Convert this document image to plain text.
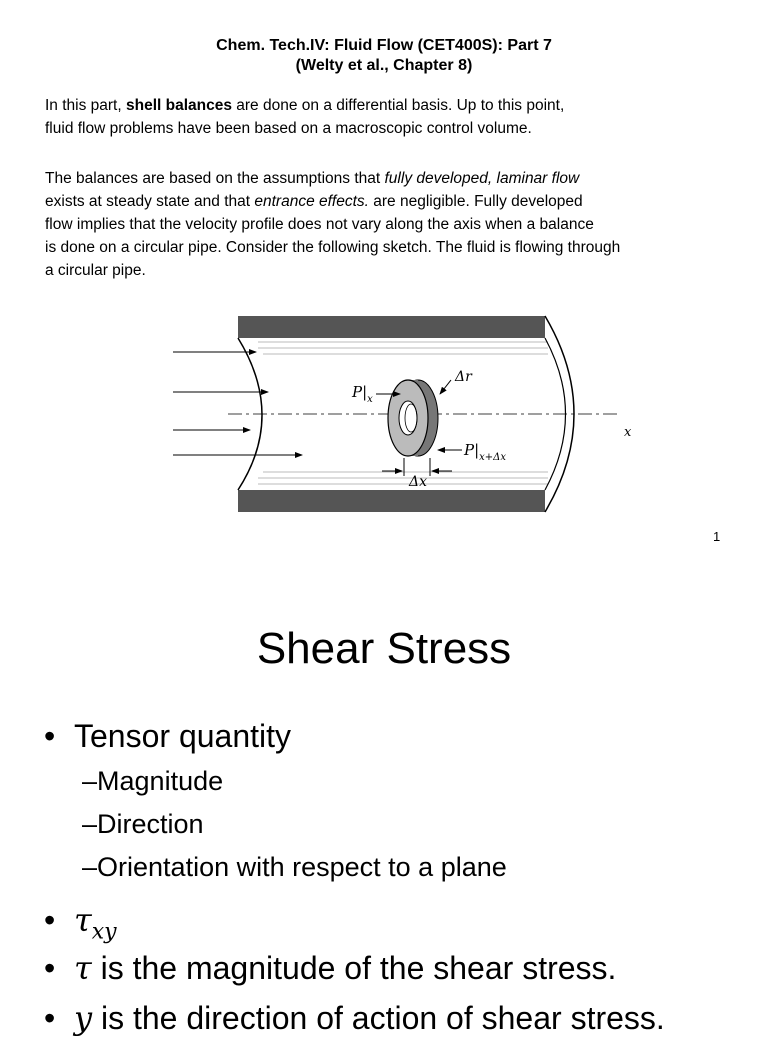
Chem. Tech.IV: Fluid Flow (CET400S): Part 7
(Welty et al., Chapter 8)
In this part, shell balances are done on a differential basis. Up to this point,
fluid flow problems have been based on a macroscopic control volume.
The balances are based on the assumptions that fully developed, laminar flow
exists at steady state and that entrance effects. are negligible. Fully developed
flow implies that the velocity profile does not vary along the axis when a balance
is done on a circular pipe. Consider the following sketch. The fluid is flowing through
a circular pipe.
$P|_x$
Δr
$P|_{x+\Delta x}$
Δx
x
1
Shear Stress
• Tensor quantity
–Magnitude
–Direction
–Orientation with respect to a plane
• $\tau_{xy}$
• τ is the magnitude of the shear stress.
• y is the direction of action of shear stress.
